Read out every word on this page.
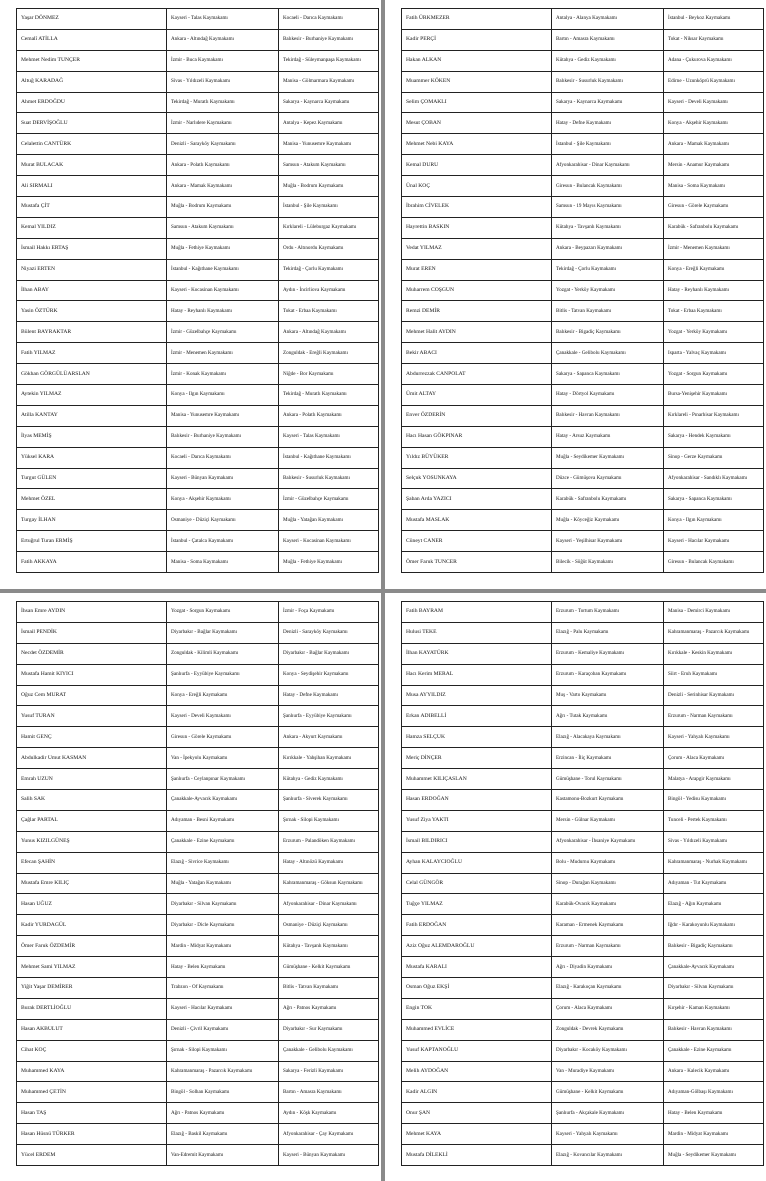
Yaşar DÖNMEZ	Kayseri - Talas Kaymakamı	Kocaeli - Darıca Kaymakamı
Cemalî ATİLLA	Ankara - Altındağ Kaymakamı	Balıkesir - Burhaniye Kaymakamı
Mehmet Nedim TUNÇER	İzmir - Buca Kaymakamı	Tekirdağ - Süleymanpaşa Kaymakamı
Altuğ KARADAĞ	Sivas - Yıldızeli Kaymakamı	Manisa - Gölmarmara Kaymakamı
Ahmet ERDOĞDU	Tekirdağ - Muratlı Kaymakamı	Sakarya - Kaynarca Kaymakamı
Suat DERVİŞOĞLU	İzmir - Narlıdere Kaymakamı	Antalya - Kepez Kaymakamı
Celalettin CANTÜRK	Denizli - Sarayköy Kaymakamı	Manisa - Yunusemre Kaymakamı
Murat BULACAK	Ankara - Polatlı Kaymakamı	Samsun - Atakum Kaymakamı
Ali SIRMALI	Ankara - Mamak Kaymakamı	Muğla - Bodrum Kaymakamı
Mustafa ÇİT	Muğla - Bodrum Kaymakamı	İstanbul - Şile Kaymakamı
Kemal YILDIZ	Samsun - Atakum Kaymakamı	Kırklareli - Lüleburgaz Kaymakamı
İsmail Hakkı ERTAŞ	Muğla - Fethiye Kaymakamı	Ordu - Altınordu Kaymakamı
Niyazi ERTEN	İstanbul - Kağıthane Kaymakamı	Tekirdağ - Çorlu Kaymakamı
İlhan ABAY	Kayseri - Kocasinan Kaymakamı	Aydın - İncirliova Kaymakamı
Yasin ÖZTÜRK	Hatay - Reyhanlı Kaymakamı	Tokat - Erbaa Kaymakamı
Bülent BAYRAKTAR	İzmir - Güzelbahçe Kaymakamı	Ankara - Altındağ Kaymakamı
Fatih YILMAZ	İzmir - Menemen Kaymakamı	Zonguldak - Ereğli Kaymakamı
Gökhan GÖRGÜLÜARSLAN	İzmir - Konak Kaymakamı	Niğde - Bor Kaymakamı
Aytekin YILMAZ	Konya - Ilgın Kaymakamı	Tekirdağ - Muratlı Kaymakamı
Atilla KANTAY	Manisa - Yunusemre Kaymakamı	Ankara - Polatlı Kaymakamı
İlyas MEMİŞ	Balıkesir - Burhaniye Kaymakamı	Kayseri - Talas Kaymakamı
Yüksel KARA	Kocaeli - Darıca Kaymakamı	İstanbul - Kağıthane Kaymakamı
Turgut GÜLEN	Kayseri - Bünyan Kaymakamı	Balıkesir - Susurluk Kaymakamı
Mehmet ÖZEL	Konya - Akşehir Kaymakamı	İzmir - Güzelbahçe Kaymakamı
Turgay İLHAN	Osmaniye - Düziçi Kaymakamı	Muğla - Yatağan Kaymakamı
Ertuğrul Turan ERMİŞ	İstanbul - Çatalca Kaymakamı	Kayseri - Kocasinan Kaymakamı
Fatih AKKAYA	Manisa - Soma Kaymakamı	Muğla - Fethiye Kaymakamı
Fatih ÜRKMEZER	Antalya - Alanya Kaymakamı	İstanbul - Beykoz Kaymakamı
Kadir PERÇİ	Bartın - Amasra Kaymakamı	Tokat - Niksar Kaymakamı
Hakan ALKAN	Kütahya - Gediz Kaymakamı	Adana - Çukurova Kaymakamı
Muammer KÖKEN	Balıkesir - Susurluk Kaymakamı	Edirne - Uzunköprü Kaymakamı
Selim ÇOMAKLI	Sakarya - Kaynarca Kaymakamı	Kayseri - Develi Kaymakamı
Mesut ÇOBAN	Hatay - Defne Kaymakamı	Konya - Akşehir Kaymakamı
Mehmet Nebi KAYA	İstanbul - Şile Kaymakamı	Ankara - Mamak Kaymakamı
Kemal DURU	Afyonkarahisar - Dinar Kaymakamı	Mersin - Anamur Kaymakamı
Ünal KOÇ	Giresun - Bulancak Kaymakamı	Manisa - Soma Kaymakamı
İbrahim CİVELEK	Samsun - 19 Mayıs Kaymakamı	Giresun - Görele Kaymakamı
Hayrettin BASKIN	Kütahya - Tavşanlı Kaymakamı	Karabük - Safranbolu Kaymakamı
Vedat YILMAZ	Ankara - Beypazarı Kaymakamı	İzmir - Menemen Kaymakamı
Murat EREN	Tekirdağ - Çorlu Kaymakamı	Konya - Ereğli Kaymakamı
Muharrem COŞGUN	Yozgat - Yerköy Kaymakamı	Hatay - Reyhanlı Kaymakamı
Remzi DEMİR	Bitlis - Tatvan Kaymakamı	Tokat - Erbaa Kaymakamı
Mehmet Halit AYDIN	Balıkesir - Bigadiç Kaymakamı	Yozgat - Yerköy Kaymakamı
Bekir ABACI	Çanakkale - Gelibolu Kaymakamı	Isparta - Yalvaç Kaymakamı
Abdurrezzak CANPOLAT	Sakarya - Sapanca Kaymakamı	Yozgat - Sorgun Kaymakamı
Ümit ALTAY	Hatay - Dörtyol Kaymakamı	Bursa-Yenişehir Kaymakamı
Enver ÖZDERİN	Balıkesir - Havran Kaymakamı	Kırklareli - Pınarhisar Kaymakamı
Hacı Hasan GÖKPINAR	Hatay - Arsuz Kaymakamı	Sakarya - Hendek Kaymakamı
Yıldız BÜYÜKER	Muğla - Seydikemer Kaymakamı	Sinop - Gerze Kaymakamı
Selçuk YOSUNKAYA	Düzce - Gümüşova Kaymakamı	Afyonkarahisar - Sandıklı Kaymakamı
Şaban Arda YAZICI	Karabük - Safranbolu Kaymakamı	Sakarya - Sapanca Kaymakamı
Mustafa MASLAK	Muğla - Köyceğiz Kaymakamı	Konya - Ilgın Kaymakamı
Cüneyt CANER	Kayseri - Yeşilhisar Kaymakamı	Kayseri - Hacılar Kaymakamı
Ömer Faruk TUNCER	Bilecik - Söğüt Kaymakamı	Giresun - Bulancak Kaymakamı
İhsan Emre AYDIN	Yozgat - Sorgun Kaymakamı	İzmir - Foça Kaymakamı
İsmail PENDİK	Diyarbakır - Bağlar Kaymakamı	Denizli - Sarayköy Kaymakamı
Necdet ÖZDEMİR	Zonguldak - Kilimli Kaymakamı	Diyarbakır - Bağlar Kaymakamı
Mustafa Hamit KIYICI	Şanlıurfa - Eyyübiye Kaymakamı	Konya - Seydişehir Kaymakamı
Oğuz Cem MURAT	Konya - Ereğli Kaymakamı	Hatay - Defne Kaymakamı
Yusuf TURAN	Kayseri - Develi Kaymakamı	Şanlıurfa - Eyyübiye Kaymakamı
Hamit GENÇ	Giresun - Görele Kaymakamı	Ankara - Akyurt Kaymakamı
Abdulkadir Umut KASMAN	Van - İpekyolu Kaymakamı	Kırıkkale - Yahşihan Kaymakamı
Emrah UZUN	Şanlıurfa - Ceylanpınar Kaymakamı	Kütahya - Gediz Kaymakamı
Salih SAK	Çanakkale-Ayvacık Kaymakamı	Şanlıurfa - Siverek Kaymakamı
Çağlar PARTAL	Adıyaman - Besni Kaymakamı	Şırnak - Silopi Kaymakamı
Yunus KIZILGÜNEŞ	Çanakkale - Ezine Kaymakamı	Erzurum - Palandöken Kaymakamı
Efecan ŞAHİN	Elazığ - Sivrice Kaymakamı	Hatay - Altınözü Kaymakamı
Mustafa Emre KILIÇ	Muğla - Yatağan Kaymakamı	Kahramanmaraş - Göksun Kaymakamı
Hasan UĞUZ	Diyarbakır - Silvan Kaymakamı	Afyonkarahisar - Dinar Kaymakamı
Kadir YURDAGÜL	Diyarbakır - Dicle Kaymakamı	Osmaniye - Düziçi Kaymakamı
Ömer Faruk ÖZDEMİR	Mardin - Midyat Kaymakamı	Kütahya - Tavşanlı Kaymakamı
Mehmet Sami YILMAZ	Hatay - Belen Kaymakamı	Gümüşhane - Kelkit Kaymakamı
Yiğit Yaşar DEMİRER	Trabzon - Of Kaymakamı	Bitlis - Tatvan Kaymakamı
Burak DERTLİOĞLU	Kayseri - Hacılar Kaymakamı	Ağrı - Patnos Kaymakamı
Hasan AKBULUT	Denizli - Çivril Kaymakamı	Diyarbakır - Sur Kaymakamı
Cihat KOÇ	Şırnak - Silopi Kaymakamı	Çanakkale - Gelibolu Kaymakamı
Muhammed KAYA	Kahramanmaraş - Pazarcık Kaymakamı	Sakarya - Ferizli Kaymakamı
Muhammed ÇETİN	Bingöl - Solhan Kaymakamı	Bartın - Amasra Kaymakamı
Hasan TAŞ	Ağrı - Patnos Kaymakamı	Aydın - Köşk Kaymakamı
Hasan Hüsnü TÜRKER	Elazığ - Baskil Kaymakamı	Afyonkarahisar - Çay Kaymakamı
Yücel ERDEM	Van-Edremit Kaymakamı	Kayseri - Bünyan Kaymakamı
Fatih BAYRAM	Erzurum - Tortum Kaymakamı	Manisa - Demirci Kaymakamı
Hulusi TEKE	Elazığ - Palu Kaymakamı	Kahramanmaraş - Pazarcık Kaymakamı
İlhan KAYATÜRK	Erzurum - Kemaliye Kaymakamı	Kırıkkale - Keskin Kaymakamı
Hacı Kerim MERAL	Erzurum - Karaçoban Kaymakamı	Siirt - Eruh Kaymakamı
Musa AYYILDIZ	Muş - Varto Kaymakamı	Denizli - Serinhisar Kaymakamı
Erkan ADIBELLİ	Ağrı - Tutak Kaymakamı	Erzurum - Narman Kaymakamı
Hamza SELÇUK	Elazığ - Alacakaya Kaymakamı	Kayseri - Yahyalı Kaymakamı
Meriç DİNÇER	Erzincan - İliç Kaymakamı	Çorum - Alaca Kaymakamı
Muhammet KILIÇASLAN	Gümüşhane - Torul Kaymakamı	Malatya - Arapgir Kaymakamı
Hasan ERDOĞAN	Kastamonu-Bozkurt Kaymakamı	Bingöl - Yedisu Kaymakamı
Yusuf Ziya YAKTI	Mersin - Gülnar Kaymakamı	Tunceli - Pertek Kaymakamı
İsmail BILDIRICI	Afyonkarahisar - İhsaniye Kaymakamı	Sivas - Yıldızeli Kaymakamı
Ayhan KALAYCIOĞLU	Bolu - Mudurnu Kaymakamı	Kahramanmaraş - Nurhak Kaymakamı
Celal GÜNGÖR	Sinop - Durağan Kaymakamı	Adıyaman - Tut Kaymakamı
Tuğçe YILMAZ	Karabük-Ovacık Kaymakamı	Elazığ - Ağın Kaymakamı
Fatih ERDOĞAN	Karaman - Ermenek Kaymakamı	Iğdır - Karakoyunlu Kaymakamı
Aziz Oğuz ALEMDAROĞLU	Erzurum - Narman Kaymakamı	Balıkesir - Bigadiç Kaymakamı
Mustafa KARALI	Ağrı - Diyadin Kaymakamı	Çanakkale-Ayvacık Kaymakamı
Osman Oğuz EKŞİ	Elazığ - Karakoçan Kaymakamı	Diyarbakır - Silvan Kaymakamı
Engin TOK	Çorum - Alaca Kaymakamı	Kırşehir - Kaman Kaymakamı
Muhammed EVLİCE	Zonguldak - Devrek Kaymakamı	Balıkesir - Havran Kaymakamı
Yusuf KAPTANOĞLU	Diyarbakır - Kocaköy Kaymakamı	Çanakkale - Ezine Kaymakamı
Melih AYDOĞAN	Van - Muradiye Kaymakamı	Ankara - Kalecik Kaymakamı
Kadir ALGIN	Gümüşhane - Kelkit Kaymakamı	Adıyaman-Gölbaşı Kaymakamı
Onur ŞAN	Şanlıurfa - Akçakale Kaymakamı	Hatay - Belen Kaymakamı
Mehmet KAYA	Kayseri - Yahyalı Kaymakamı	Mardin - Midyat Kaymakamı
Mustafa DİLEKLİ	Elazığ - Kovancılar Kaymakamı	Muğla - Seydikemer Kaymakamı
